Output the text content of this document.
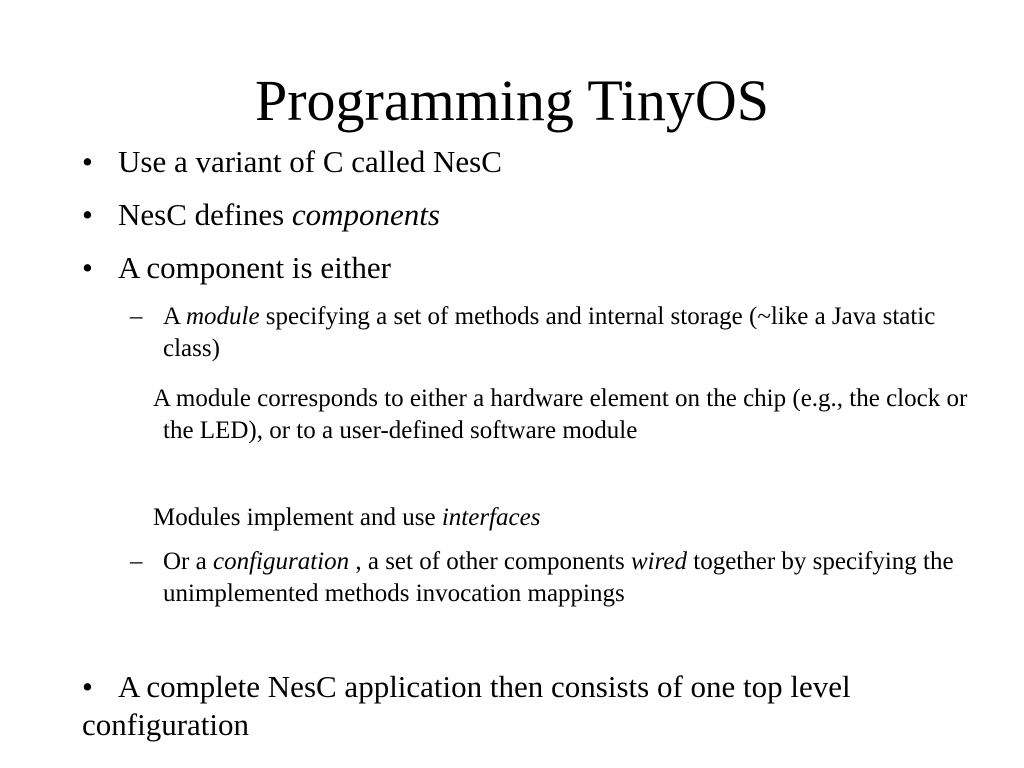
Programming TinyOS
• Use a variant of C called NesC
• NesC defines components
• A component is either
– A module specifying a set of methods and internal storage (~like a Java static class)

A module corresponds to either a hardware element on the chip (e.g., the clock or the LED), or to a user-defined software module

Modules implement and use interfaces

– Or a configuration , a set of other components wired together by specifying the unimplemented methods invocation mappings
• A complete NesC application then consists of one top level configuration
